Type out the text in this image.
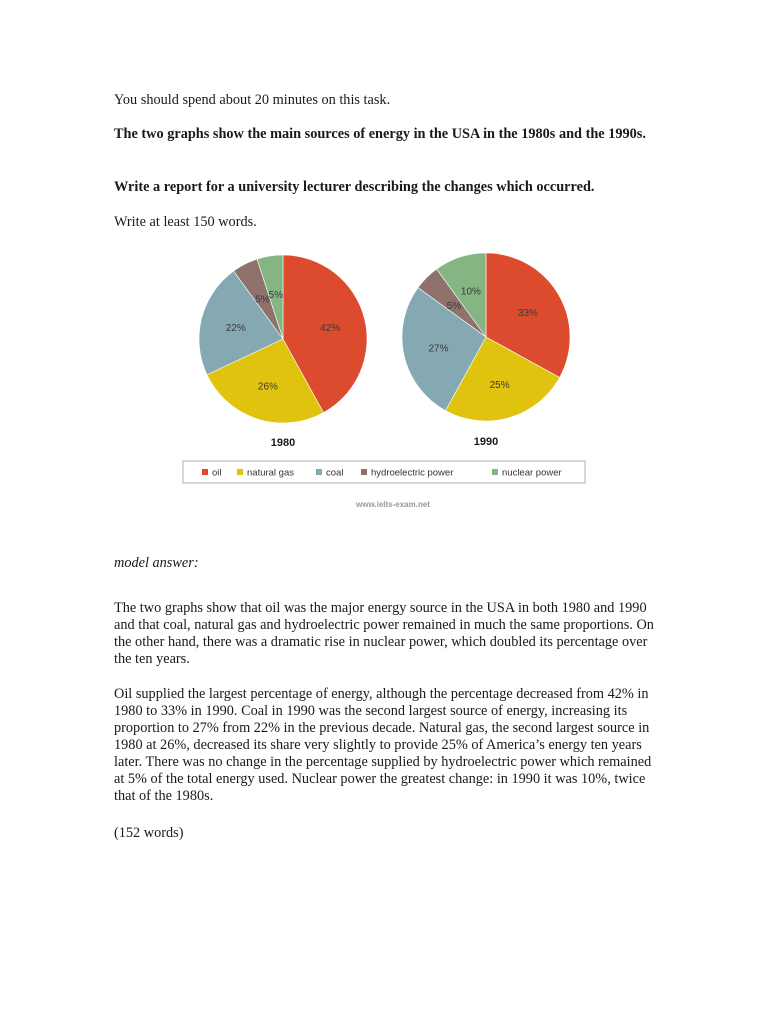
You should spend about 20 minutes on this task.

The two graphs show the main sources of energy in the USA in the 1980s and the 1990s.

Write a report for a university lecturer describing the changes which occurred.

Write at least 150 words.

42%
26%
22%
5% 5%
1980
33%
25%
27%
5%
10%
1990
oil	natural gas	coal	hydroelectric power	nuclear power
www.ielts-exam.net

model answer:

The two graphs show that oil was the major energy source in the USA in both 1980 and 1990 and that coal, natural gas and hydroelectric power remained in much the same proportions. On the other hand, there was a dramatic rise in nuclear power, which doubled its percentage over the ten years.

Oil supplied the largest percentage of energy, although the percentage decreased from 42% in 1980 to 33% in 1990. Coal in 1990 was the second largest source of energy, increasing its proportion to 27% from 22% in the previous decade. Natural gas, the second largest source in 1980 at 26%, decreased its share very slightly to provide 25% of America’s energy ten years later. There was no change in the percentage supplied by hydroelectric power which remained at 5% of the total energy used. Nuclear power the greatest change: in 1990 it was 10%, twice that of the 1980s.

(152 words)
